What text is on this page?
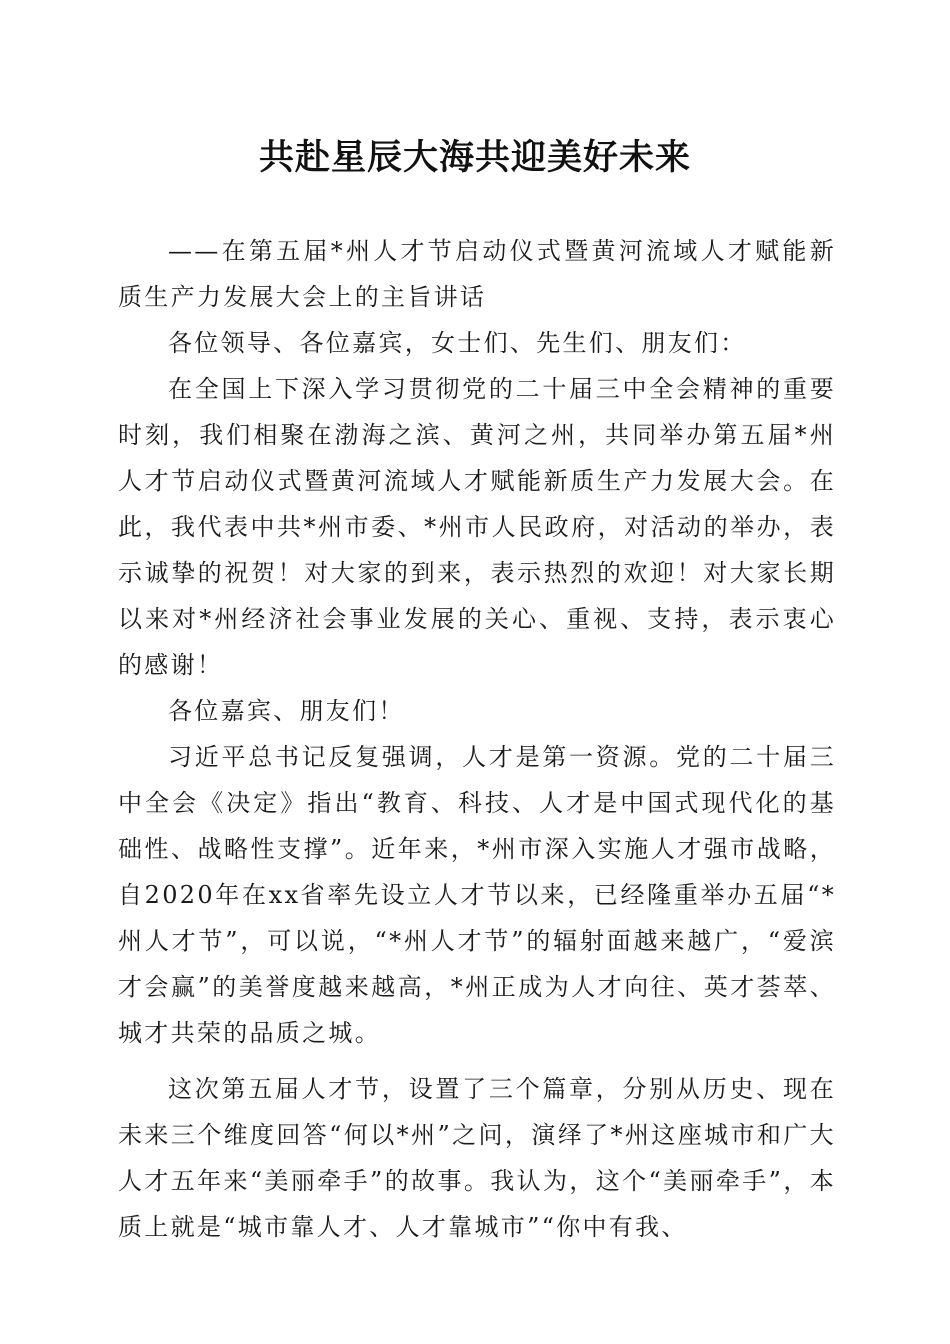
共赴星辰大海共迎美好未来

——在第五届*州人才节启动仪式暨黄河流域人才赋能新质生产力发展大会上的主旨讲话

各位领导、各位嘉宾，女士们、先生们、朋友们：

在全国上下深入学习贯彻党的二十届三中全会精神的重要时刻，我们相聚在渤海之滨、黄河之州，共同举办第五届*州人才节启动仪式暨黄河流域人才赋能新质生产力发展大会。在此，我代表中共*州市委、*州市人民政府，对活动的举办，表示诚挚的祝贺！对大家的到来，表示热烈的欢迎！对大家长期以来对*州经济社会事业发展的关心、重视、支持，表示衷心的感谢！

各位嘉宾、朋友们！

习近平总书记反复强调，人才是第一资源。党的二十届三中全会《决定》指出“教育、科技、人才是中国式现代化的基础性、战略性支撑”。近年来，*州市深入实施人才强市战略，自2020年在xx省率先设立人才节以来，已经隆重举办五届“*州人才节”，可以说，“*州人才节”的辐射面越来越广，“爱滨才会赢”的美誉度越来越高，*州正成为人才向往、英才荟萃、城才共荣的品质之城。

这次第五届人才节，设置了三个篇章，分别从历史、现在未来三个维度回答“何以*州”之问，演绎了*州这座城市和广大人才五年来“美丽牵手”的故事。我认为，这个“美丽牵手”，本质上就是“城市靠人才、人才靠城市”“你中有我、
